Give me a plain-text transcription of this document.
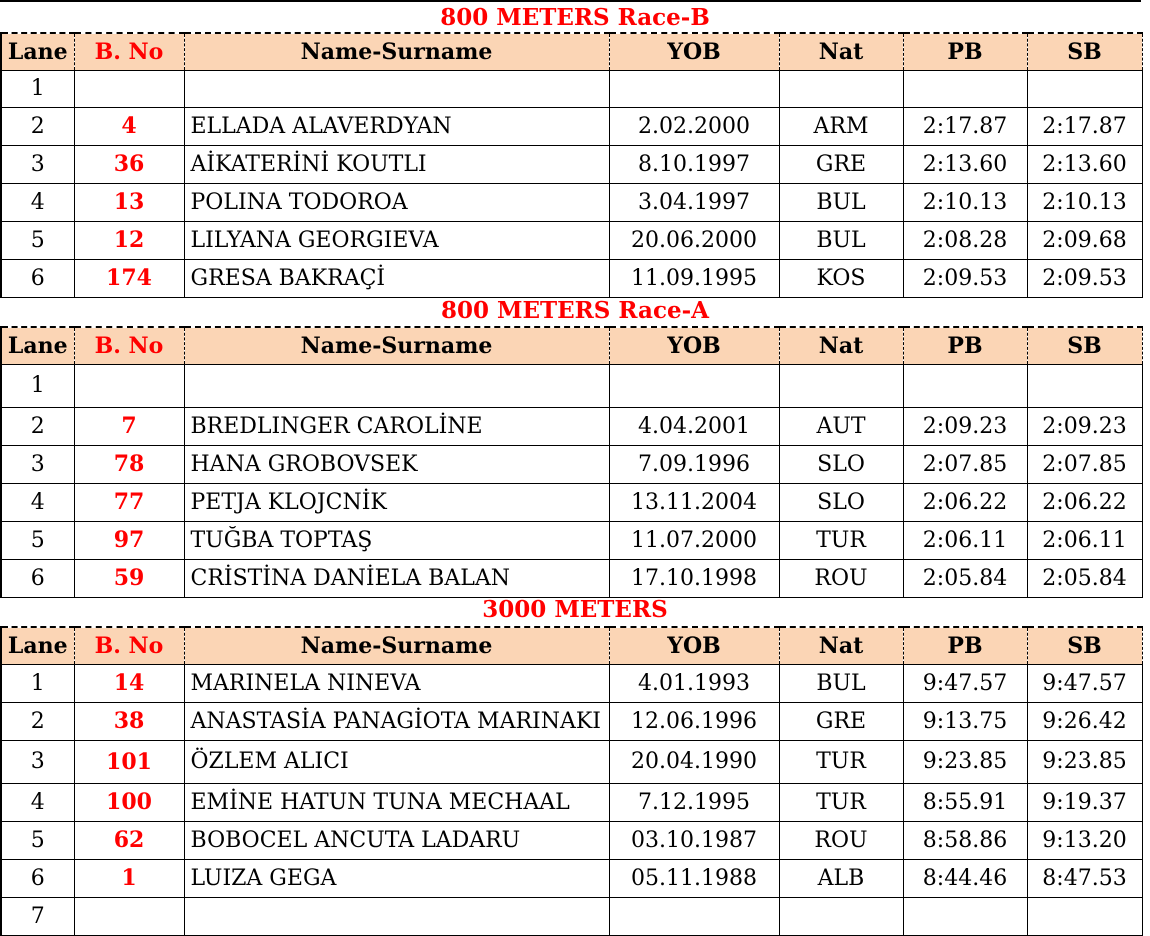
800 METERS Race-B
Lane	B. No	Name-Surname	YOB	Nat	PB	SB
1						
2	4	ELLADA ALAVERDYAN	2.02.2000	ARM	2:17.87	2:17.87
3	36	AİKATERİNİ KOUTLI	8.10.1997	GRE	2:13.60	2:13.60
4	13	POLINA TODOROA	3.04.1997	BUL	2:10.13	2:10.13
5	12	LILYANA GEORGIEVA	20.06.2000	BUL	2:08.28	2:09.68
6	174	GRESA BAKRAÇİ	11.09.1995	KOS	2:09.53	2:09.53
800 METERS Race-A
Lane	B. No	Name-Surname	YOB	Nat	PB	SB
1						
2	7	BREDLINGER CAROLİNE	4.04.2001	AUT	2:09.23	2:09.23
3	78	HANA GROBOVSEK	7.09.1996	SLO	2:07.85	2:07.85
4	77	PETJA KLOJCNİK	13.11.2004	SLO	2:06.22	2:06.22
5	97	TUĞBA TOPTAŞ	11.07.2000	TUR	2:06.11	2:06.11
6	59	CRİSTİNA DANİELA BALAN	17.10.1998	ROU	2:05.84	2:05.84
3000 METERS
Lane	B. No	Name-Surname	YOB	Nat	PB	SB
1	14	MARINELA NINEVA	4.01.1993	BUL	9:47.57	9:47.57
2	38	ANASTASİA PANAGİOTA MARINAKI	12.06.1996	GRE	9:13.75	9:26.42
3	101	ÖZLEM ALICI	20.04.1990	TUR	9:23.85	9:23.85
4	100	EMİNE HATUN TUNA MECHAAL	7.12.1995	TUR	8:55.91	9:19.37
5	62	BOBOCEL ANCUTA LADARU	03.10.1987	ROU	8:58.86	9:13.20
6	1	LUIZA GEGA	05.11.1988	ALB	8:44.46	8:47.53
7						
